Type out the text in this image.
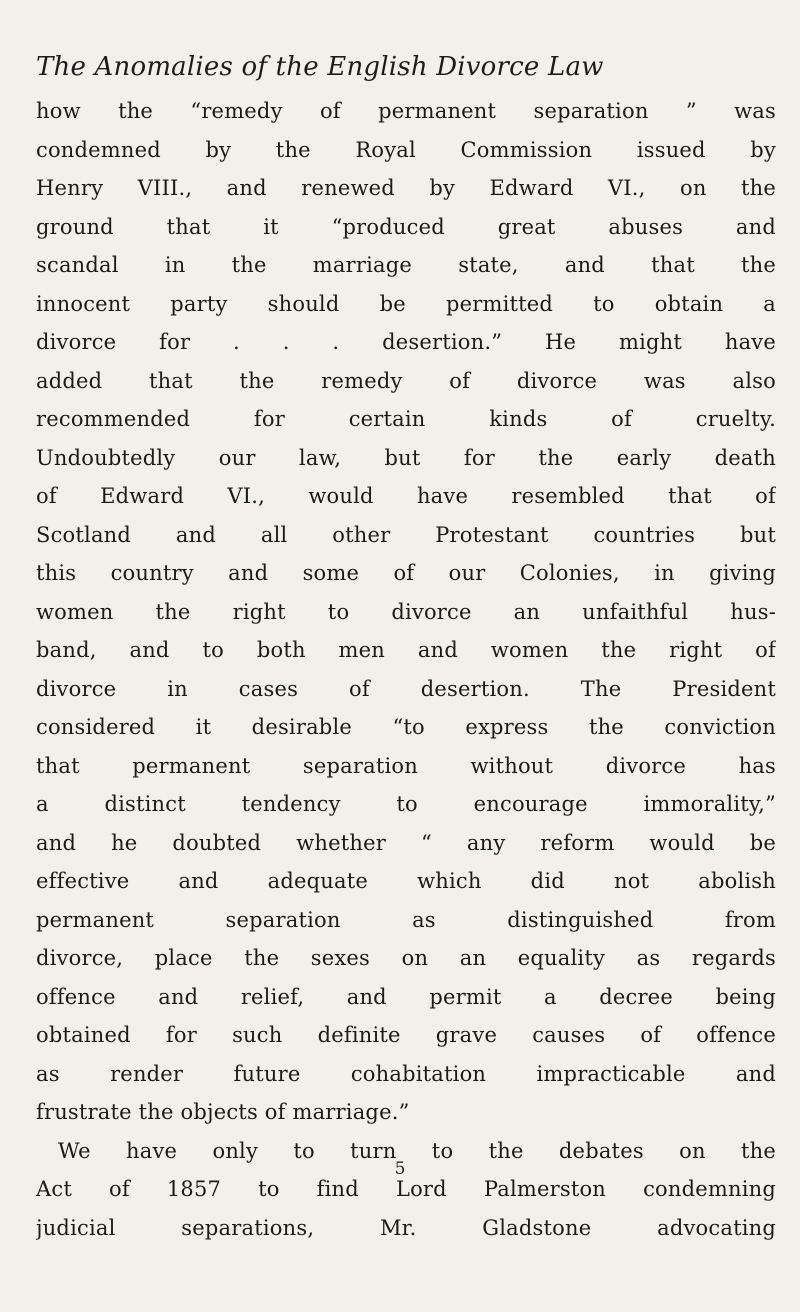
The Anomalies of the English Divorce Law
how the “remedy of permanent separation ” was
condemned by the Royal Commission issued by
Henry VIII., and renewed by Edward VI., on the
ground that it “produced great abuses and
scandal in the marriage state, and that the
innocent party should be permitted to obtain a
divorce for . . . desertion.” He might have
added that the remedy of divorce was also
recommended for certain kinds of cruelty.
Undoubtedly our law, but for the early death
of Edward VI., would have resembled that of
Scotland and all other Protestant countries but
this country and some of our Colonies, in giving
women the right to divorce an unfaithful hus-
band, and to both men and women the right of
divorce in cases of desertion. The President
considered it desirable “to express the conviction
that permanent separation without divorce has
a distinct tendency to encourage immorality,”
and he doubted whether “ any reform would be
effective and adequate which did not abolish
permanent separation as distinguished from
divorce, place the sexes on an equality as regards
offence and relief, and permit a decree being
obtained for such definite grave causes of offence
as render future cohabitation impracticable and
frustrate the objects of marriage.”
We have only to turn to the debates on the
Act of 1857 to find Lord Palmerston condemning
judicial separations, Mr. Gladstone advocating
5
